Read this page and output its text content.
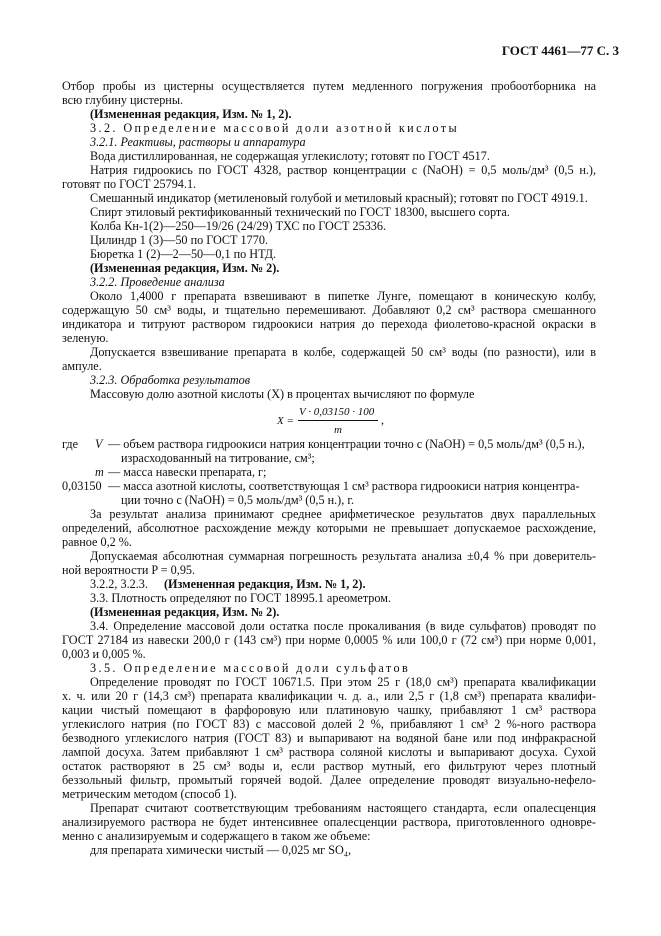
ГОСТ 4461—77 С. 3
Отбор пробы из цистерны осуществляется путем медленного погружения пробоотборника на
всю глубину цистерны.
(Измененная редакция, Изм. № 1, 2).
3.2. Определение массовой доли азотной кислоты
3.2.1. Реактивы, растворы и аппаратура
Вода дистиллированная, не содержащая углекислоту; готовят по ГОСТ 4517.
Натрия гидроокись по ГОСТ 4328, раствор концентрации c (NaOH) = 0,5 моль/дм³ (0,5 н.),
готовят по ГОСТ 25794.1.
Смешанный индикатор (метиленовый голубой и метиловый красный); готовят по ГОСТ 4919.1.
Спирт этиловый ректификованный технический по ГОСТ 18300, высшего сорта.
Колба Кн-1(2)—250—19/26 (24/29) ТХС по ГОСТ 25336.
Цилиндр 1 (3)—50 по ГОСТ 1770.
Бюретка 1 (2)—2—50—0,1 по НТД.
(Измененная редакция, Изм. № 2).
3.2.2. Проведение анализа
Около 1,4000 г препарата взвешивают в пипетке Лунге, помещают в коническую колбу,
содержащую 50 см³ воды, и тщательно перемешивают. Добавляют 0,2 см³ раствора смешанного
индикатора и титруют раствором гидроокиси натрия до перехода фиолетово-красной окраски в
зеленую.
Допускается взвешивание препарата в колбе, содержащей 50 см³ воды (по разности), или в
ампуле.
3.2.3. Обработка результатов
Массовую долю азотной кислоты (X) в процентах вычисляют по формуле
X =
V · 0,03150 · 100
m
,
где V — объем раствора гидроокиси натрия концентрации точно c (NaOH) = 0,5 моль/дм³ (0,5 н.),
израсходованный на титрование, см³;
m — масса навески препарата, г;
0,03150 — масса азотной кислоты, соответствующая 1 см³ раствора гидроокиси натрия концентра-
ции точно c (NaOH) = 0,5 моль/дм³ (0,5 н.), г.
За результат анализа принимают среднее арифметическое результатов двух параллельных
определений, абсолютное расхождение между которыми не превышает допускаемое расхождение,
равное 0,2 %.
Допускаемая абсолютная суммарная погрешность результата анализа ±0,4 % при доверитель-
ной вероятности P = 0,95.
3.2.2, 3.2.3. (Измененная редакция, Изм. № 1, 2).
3.3. Плотность определяют по ГОСТ 18995.1 ареометром.
(Измененная редакция, Изм. № 2).
3.4. Определение массовой доли остатка после прокаливания (в виде сульфатов) проводят по
ГОСТ 27184 из навески 200,0 г (143 см³) при норме 0,0005 % или 100,0 г (72 см³) при норме 0,001,
0,003 и 0,005 %.
3.5. Определение массовой доли сульфатов
Определение проводят по ГОСТ 10671.5. При этом 25 г (18,0 см³) препарата квалификации
х. ч. или 20 г (14,3 см³) препарата квалификации ч. д. а., или 2,5 г (1,8 см³) препарата квалифи-
кации чистый помещают в фарфоровую или платиновую чашку, прибавляют 1 см³ раствора
углекислого натрия (по ГОСТ 83) с массовой долей 2 %, прибавляют 1 см³ 2 %-ного раствора
безводного углекислого натрия (ГОСТ 83) и выпаривают на водяной бане или под инфракрасной
лампой досуха. Затем прибавляют 1 см³ раствора соляной кислоты и выпаривают досуха. Сухой
остаток растворяют в 25 см³ воды и, если раствор мутный, его фильтруют через плотный
беззольный фильтр, промытый горячей водой. Далее определение проводят визуально-нефело-
метрическим методом (способ 1).
Препарат считают соответствующим требованиям настоящего стандарта, если опалесценция
анализируемого раствора не будет интенсивнее опалесценции раствора, приготовленного одновре-
менно с анализируемым и содержащего в таком же объеме:
для препарата химически чистый — 0,025 мг SO₄,
